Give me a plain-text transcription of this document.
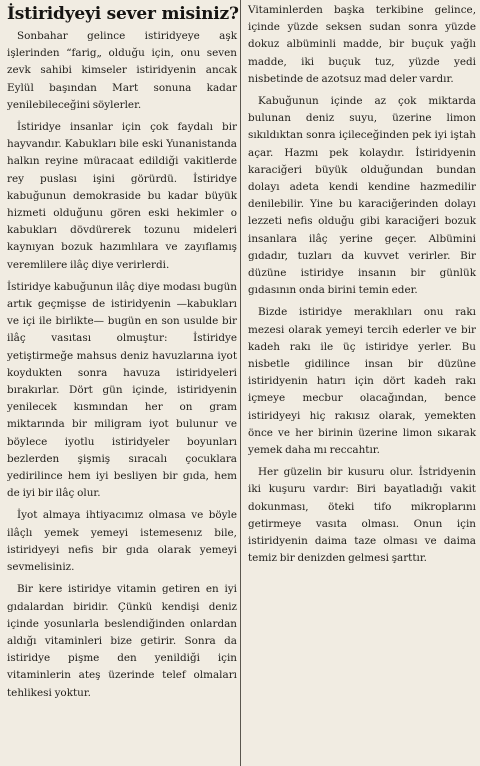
İstiridyeyi sever misiniz?

Sonbahar gelince istiridyeye aşk işlerinden “farig„ olduğu için, onu seven zevk sahibi kimseler istiridyenin ancak Eylül başından Mart sonuna kadar yenilebileceğini söylerler.

İstiridye insanlar için çok faydalı bir hayvandır. Kabukları bile eski Yunanistanda halkın reyine müracaat edildiği vakitlerde rey puslası işini görürdü. İstiridye kabuğunun demokraside bu kadar büyük hizmeti olduğunu gören eski hekimler o kabukları dövdürerek tozunu mideleri kaynıyan bozuk hazımlılara ve zayıflamış veremlilere ilâç diye verirlerdi.

İstiridye kabuğunun ilâç diye modası bugün artık geçmişse de istiridyenin —kabukları ve içi ile birlikte— bugün en son usulde bir ilâç vasıtası olmuştur: İstiridye yetiştirmeğe mahsus deniz havuzlarına iyot koydukten sonra havuza istiridyeleri bırakırlar. Dört gün içinde, istiridyenin yenilecek kısmından her on gram miktarında bir miligram iyot bulunur ve böylece iyotlu istiridyeler boyunları bezlerden şişmiş sıracalı çocuklara yedirilince hem iyi besliyen bir gıda, hem de iyi bir ilâç olur.

İyot almaya ihtiyacımız olmasa ve böyle ilâçlı yemek yemeyi istemesenız bile, istiridyeyi nefis bir gıda olarak yemeyi sevmelisiniz.

Bir kere istiridye vitamin getiren en iyi gıdalardan biridir. Çünkü kendişi deniz içinde yosunlarla beslendiğinden onlardan aldığı vitaminleri bize getirir. Sonra da istiridye pişme den yenildiği için vitaminlerin ateş üzerinde telef olmaları tehlikesi yoktur.

Vitaminlerden başka terkibine gelince, içinde yüzde seksen sudan sonra yüzde dokuz albüminli madde, bir buçuk yağlı madde, iki buçuk tuz, yüzde yedi nisbetinde de azotsuz mad deler vardır.

Kabuğunun içinde az çok miktarda bulunan deniz suyu, üzerine limon sıkıldıktan sonra içileceğinden pek iyi iştah açar. Hazmı pek kolaydır. İstiridyenin karaciğeri büyük olduğundan bundan dolayı adeta kendi kendine hazmedilir denilebilir. Yine bu karaciğerinden dolayı lezzeti nefis olduğu gibi karaciğeri bozuk insanlara ilâç yerine geçer. Albümini gıdadır, tuzları da kuvvet verirler. Bir düzüne istiridye insanın bir günlük gıdasının onda birini temin eder.

Bizde istiridye meraklıları onu rakı mezesi olarak yemeyi tercih ederler ve bir kadeh rakı ile üç istiridye yerler. Bu nisbetle gidilince insan bir düzüne istiridyenin hatırı için dört kadeh rakı içmeye mecbur olacağından, bence istiridyeyi hiç rakısız olarak, yemekten önce ve her birinin üzerine limon sıkarak yemek daha mı reccahtır.

Her güzelin bir kusuru olur. İstridyenin iki kuşuru vardır: Biri bayatladığı vakit dokunması, öteki tifo mikroplarını getirmeye vasıta olması. Onun için istiridyenin daima taze olması ve daima temiz bir denizden gelmesi şarttır.
